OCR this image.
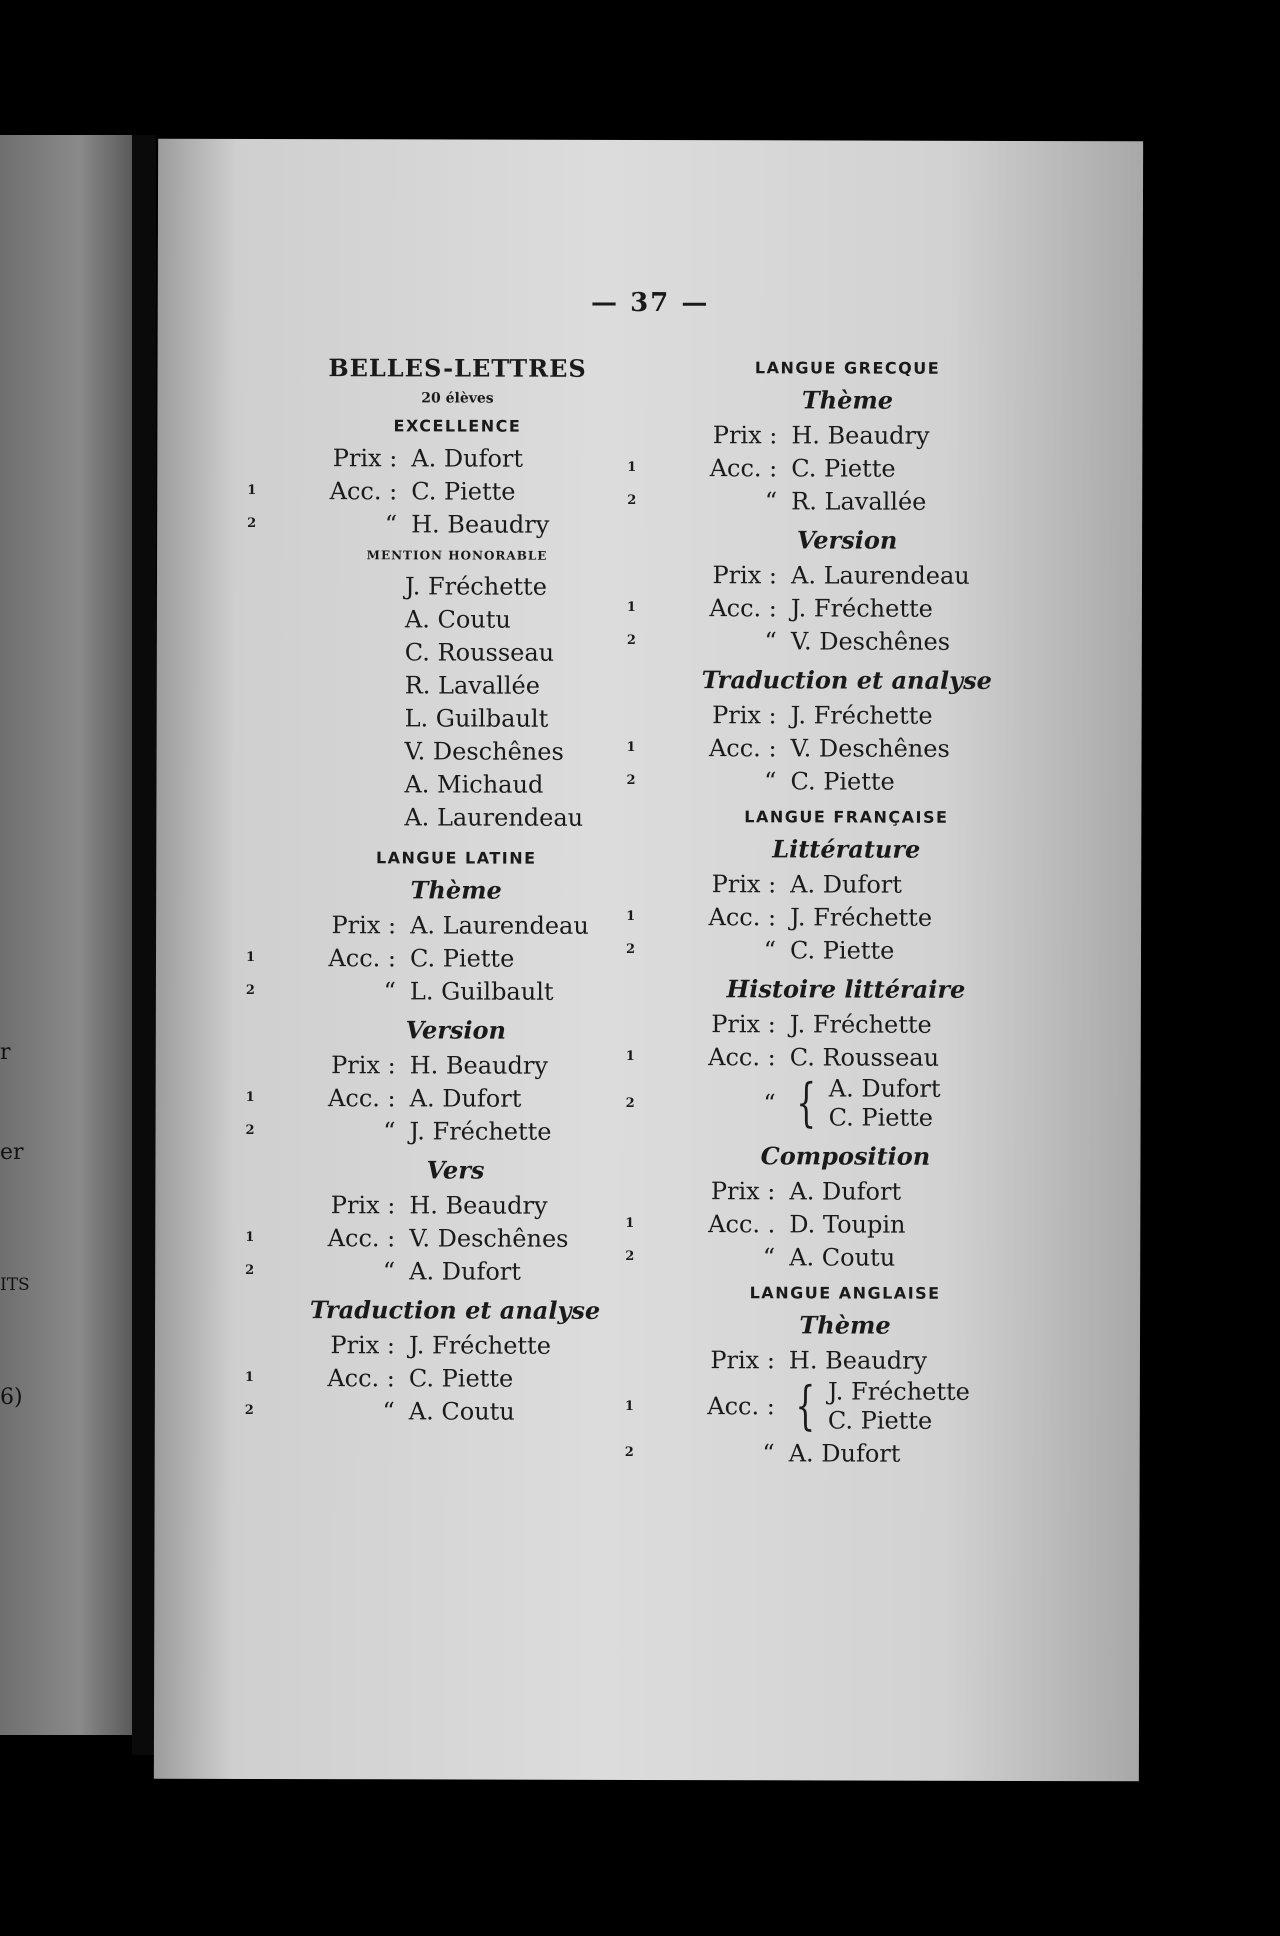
r
er
ITS
6)
— 37 —
BELLES-LETTRES
20 élèves
EXCELLENCE
Prix : A. Dufort
1	Acc. : C. Piette
2	“ H. Beaudry
MENTION HONORABLE
J. Fréchette
A. Coutu
C. Rousseau
R. Lavallée
L. Guilbault
V. Deschênes
A. Michaud
A. Laurendeau
LANGUE LATINE
Thème
Prix : A. Laurendeau
1	Acc. : C. Piette
2	“ L. Guilbault
Version
Prix : H. Beaudry
1	Acc. : A. Dufort
2	“ J. Fréchette
Vers
Prix : H. Beaudry
1	Acc. : V. Deschênes
2	“ A. Dufort
Traduction et analyse
Prix : J. Fréchette
1	Acc. : C. Piette
2	“ A. Coutu
LANGUE GRECQUE
Thème
Prix : H. Beaudry
1	Acc. : C. Piette
2	“ R. Lavallée
Version
Prix : A. Laurendeau
1	Acc. : J. Fréchette
2	“ V. Deschênes
Traduction et analyse
Prix : J. Fréchette
1	Acc. : V. Deschênes
2	“ C. Piette
LANGUE FRANÇAISE
Littérature
Prix : A. Dufort
1	Acc. : J. Fréchette
2	“ C. Piette
Histoire littéraire
Prix : J. Fréchette
1	Acc. : C. Rousseau
2	“ { A. Dufort
C. Piette
Composition
Prix : A. Dufort
1	Acc. . D. Toupin
2	“ A. Coutu
LANGUE ANGLAISE
Thème
Prix : H. Beaudry
1	Acc. : { J. Fréchette
C. Piette
2	“ A. Dufort
